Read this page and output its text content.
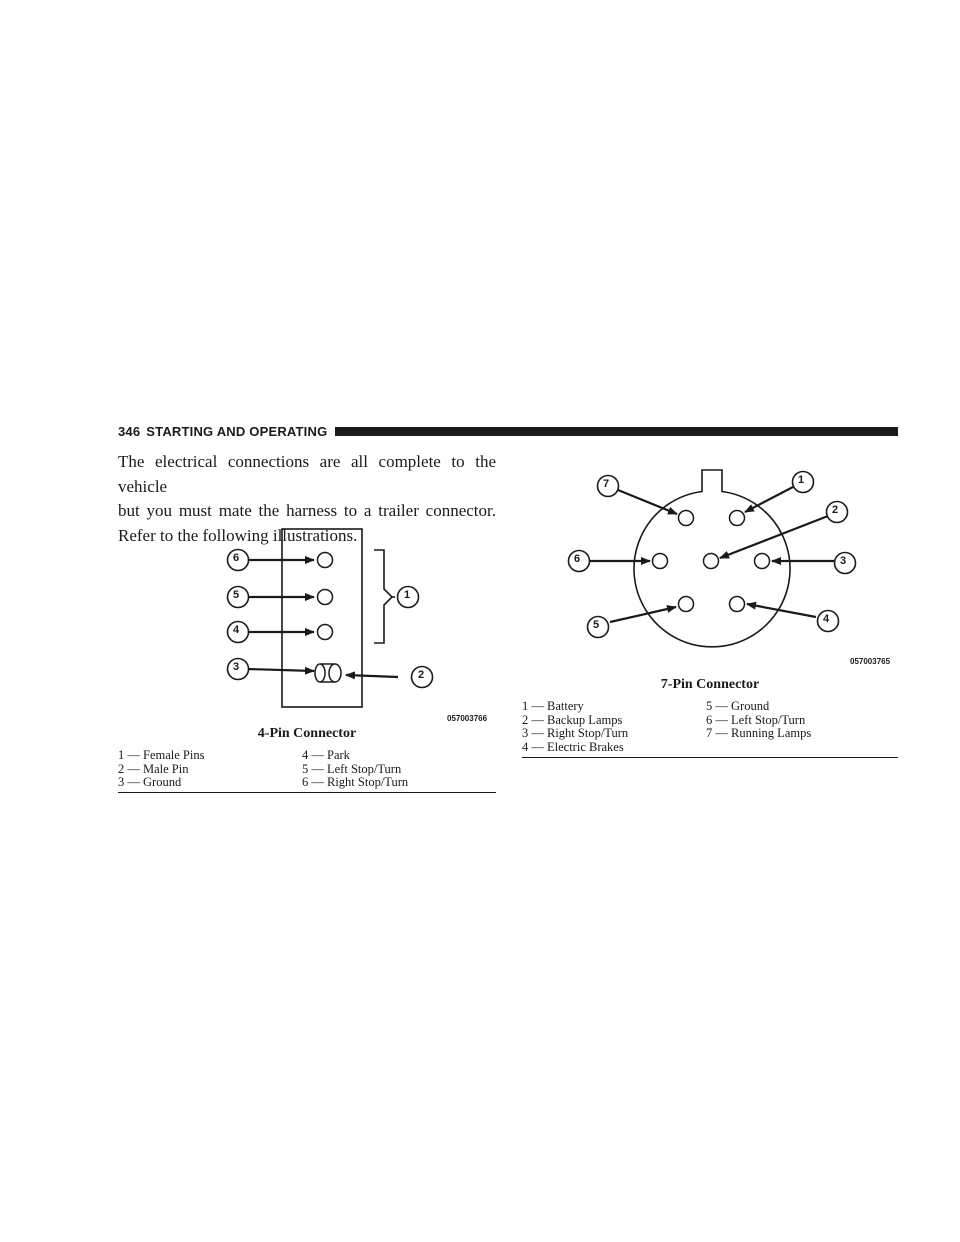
346 STARTING AND OPERATING

The electrical connections are all complete to the vehicle
but you must mate the harness to a trailer connector.
Refer to the following illustrations.

6
5
4
3
1
2
057003766
4-Pin Connector
1 — Female Pins	4 — Park
2 — Male Pin	5 — Left Stop/Turn
3 — Ground	6 — Right Stop/Turn
7	1
2
6	3
5	4
057003765
7-Pin Connector
1 — Battery	5 — Ground
2 — Backup Lamps	6 — Left Stop/Turn
3 — Right Stop/Turn	7 — Running Lamps
4 — Electric Brakes
